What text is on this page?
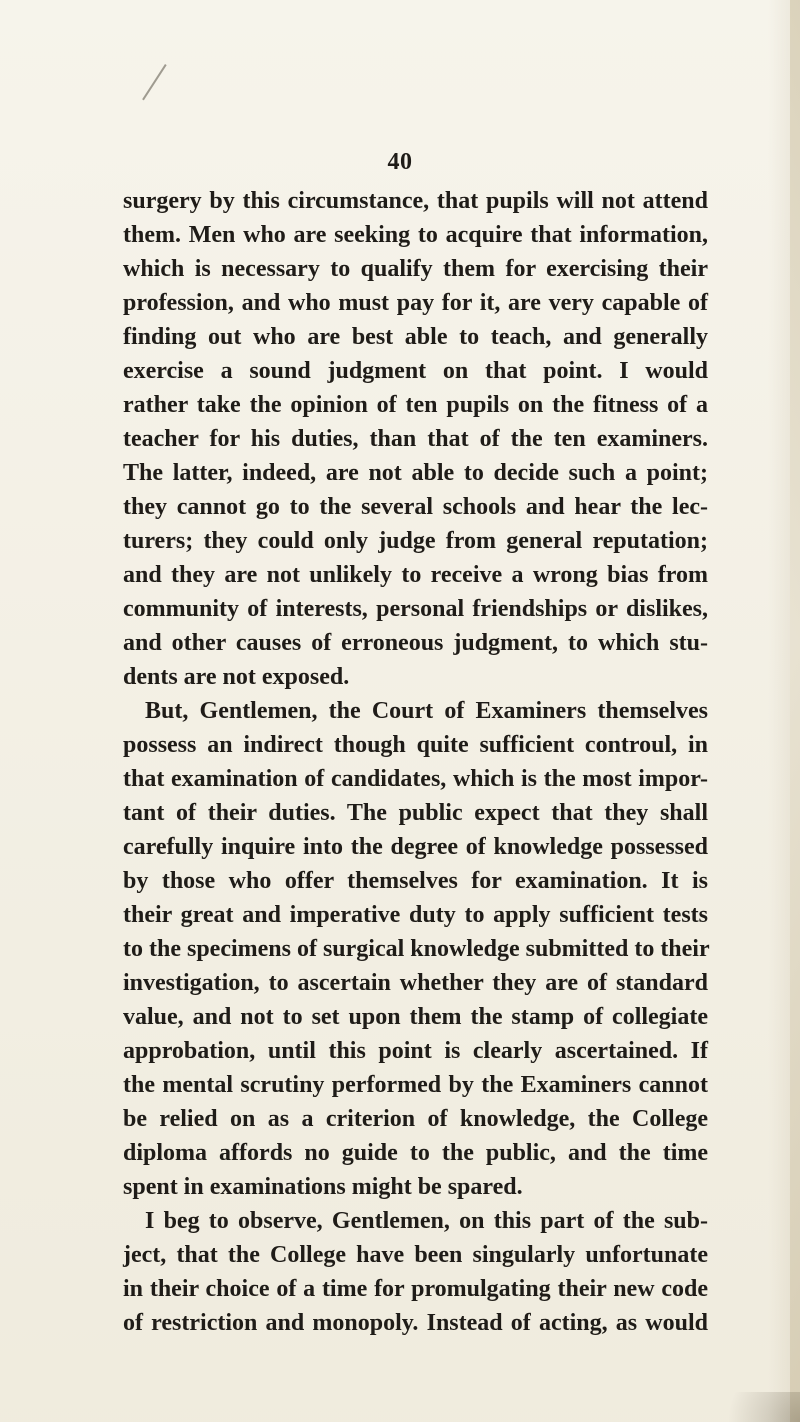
40
surgery by this circumstance, that pupils will not attend
them. Men who are seeking to acquire that information,
which is necessary to qualify them for exercising their
profession, and who must pay for it, are very capable of
finding out who are best able to teach, and generally
exercise a sound judgment on that point. I would
rather take the opinion of ten pupils on the fitness of a
teacher for his duties, than that of the ten examiners.
The latter, indeed, are not able to decide such a point;
they cannot go to the several schools and hear the lec-
turers; they could only judge from general reputation;
and they are not unlikely to receive a wrong bias from
community of interests, personal friendships or dislikes,
and other causes of erroneous judgment, to which stu-
dents are not exposed.
But, Gentlemen, the Court of Examiners themselves
possess an indirect though quite sufficient controul, in
that examination of candidates, which is the most impor-
tant of their duties. The public expect that they shall
carefully inquire into the degree of knowledge possessed
by those who offer themselves for examination. It is
their great and imperative duty to apply sufficient tests
to the specimens of surgical knowledge submitted to their
investigation, to ascertain whether they are of standard
value, and not to set upon them the stamp of collegiate
approbation, until this point is clearly ascertained. If
the mental scrutiny performed by the Examiners cannot
be relied on as a criterion of knowledge, the College
diploma affords no guide to the public, and the time
spent in examinations might be spared.
I beg to observe, Gentlemen, on this part of the sub-
ject, that the College have been singularly unfortunate
in their choice of a time for promulgating their new code
of restriction and monopoly. Instead of acting, as would
